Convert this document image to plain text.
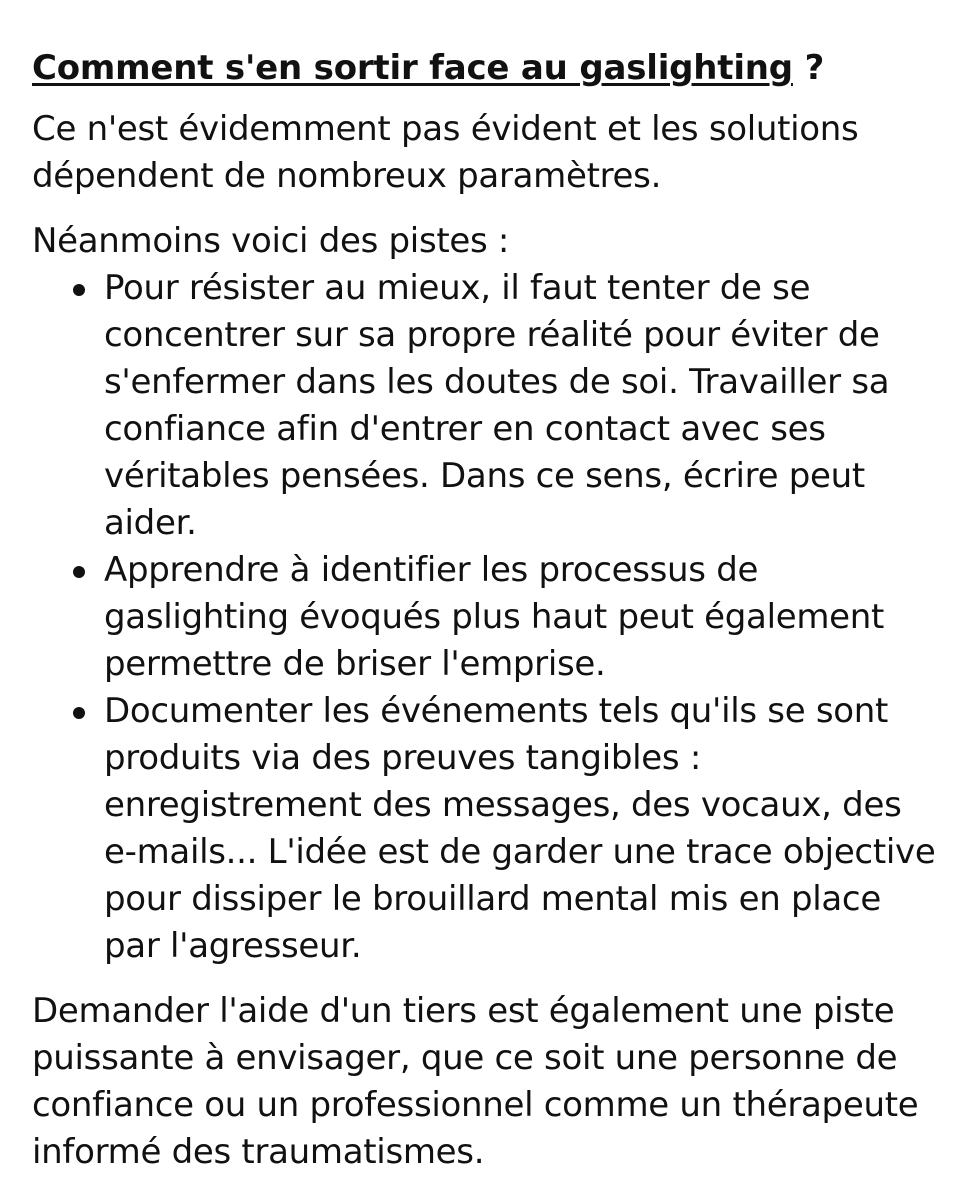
Comment s'en sortir face au gaslighting ?

Ce n'est évidemment pas évident et les solutions dépendent de nombreux paramètres.

Néanmoins voici des pistes :

Pour résister au mieux, il faut tenter de se concentrer sur sa propre réalité pour éviter de s'enfermer dans les doutes de soi. Travailler sa confiance afin d'entrer en contact avec ses véritables pensées. Dans ce sens, écrire peut aider.
Apprendre à identifier les processus de gaslighting évoqués plus haut peut également permettre de briser l'emprise.
Documenter les événements tels qu'ils se sont produits via des preuves tangibles : enregistrement des messages, des vocaux, des e-mails... L'idée est de garder une trace objective pour dissiper le brouillard mental mis en place par l'agresseur.

Demander l'aide d'un tiers est également une piste puissante à envisager, que ce soit une personne de confiance ou un professionnel comme un thérapeute informé des traumatismes.
